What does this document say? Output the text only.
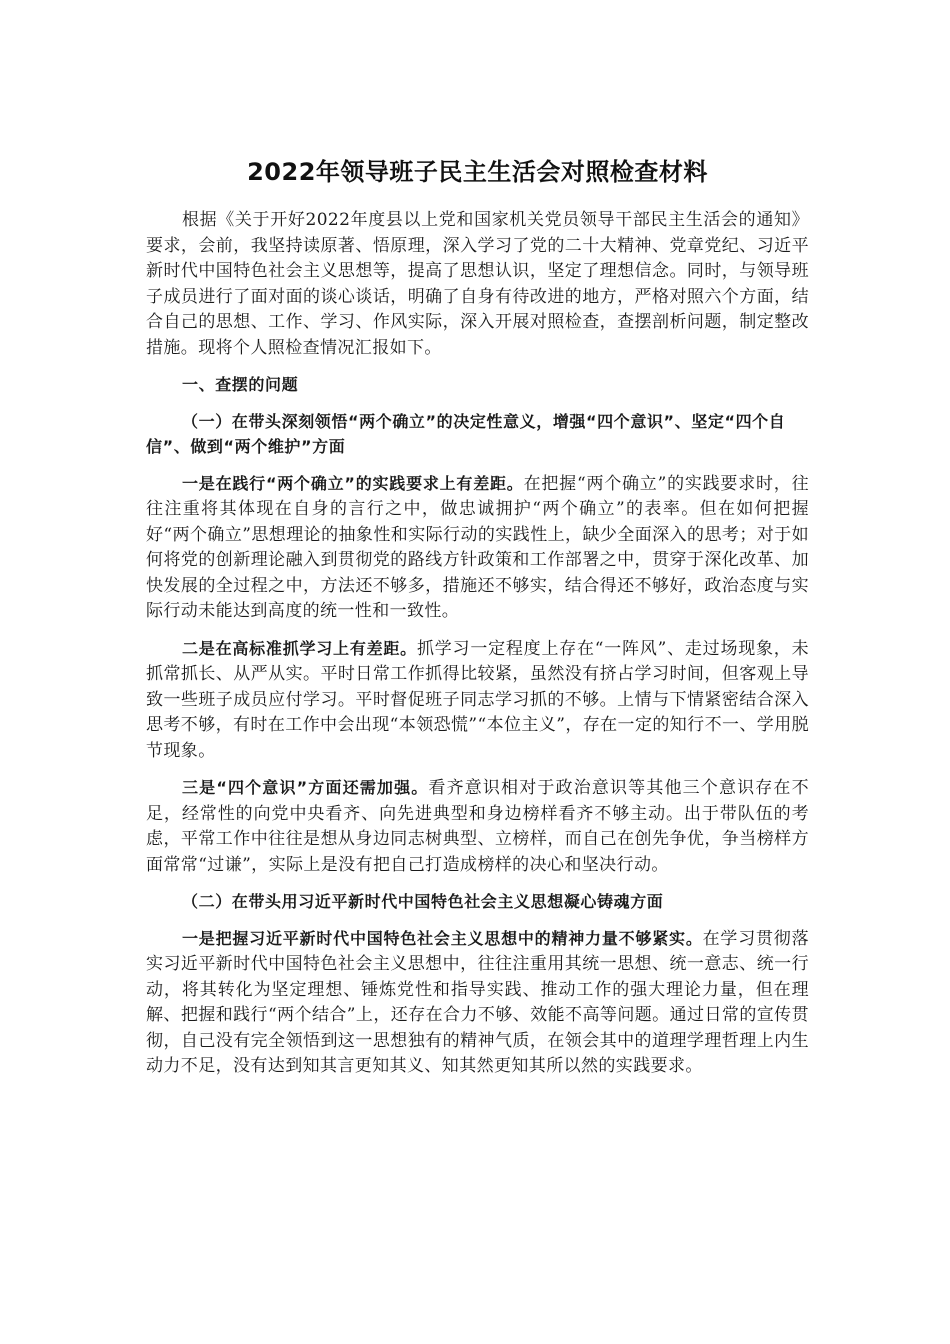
2022年领导班子民主生活会对照检查材料

根据《关于开好2022年度县以上党和国家机关党员领导干部民主生活会的通知》要求，会前，我坚持读原著、悟原理，深入学习了党的二十大精神、党章党纪、习近平新时代中国特色社会主义思想等，提高了思想认识，坚定了理想信念。同时，与领导班子成员进行了面对面的谈心谈话，明确了自身有待改进的地方，严格对照六个方面，结合自己的思想、工作、学习、作风实际，深入开展对照检查，查摆剖析问题，制定整改措施。现将个人照检查情况汇报如下。

一、查摆的问题

（一）在带头深刻领悟“两个确立”的决定性意义，增强“四个意识”、坚定“四个自信”、做到“两个维护”方面

一是在践行“两个确立”的实践要求上有差距。在把握“两个确立”的实践要求时，往往注重将其体现在自身的言行之中，做忠诚拥护“两个确立”的表率。但在如何把握好“两个确立”思想理论的抽象性和实际行动的实践性上，缺少全面深入的思考；对于如何将党的创新理论融入到贯彻党的路线方针政策和工作部署之中，贯穿于深化改革、加快发展的全过程之中，方法还不够多，措施还不够实，结合得还不够好，政治态度与实际行动未能达到高度的统一性和一致性。

二是在高标准抓学习上有差距。抓学习一定程度上存在“一阵风”、走过场现象，未抓常抓长、从严从实。平时日常工作抓得比较紧，虽然没有挤占学习时间，但客观上导致一些班子成员应付学习。平时督促班子同志学习抓的不够。上情与下情紧密结合深入思考不够，有时在工作中会出现“本领恐慌”“本位主义”，存在一定的知行不一、学用脱节现象。

三是“四个意识”方面还需加强。看齐意识相对于政治意识等其他三个意识存在不足，经常性的向党中央看齐、向先进典型和身边榜样看齐不够主动。出于带队伍的考虑，平常工作中往往是想从身边同志树典型、立榜样，而自己在创先争优，争当榜样方面常常“过谦”，实际上是没有把自己打造成榜样的决心和坚决行动。

（二）在带头用习近平新时代中国特色社会主义思想凝心铸魂方面

一是把握习近平新时代中国特色社会主义思想中的精神力量不够紧实。在学习贯彻落实习近平新时代中国特色社会主义思想中，往往注重用其统一思想、统一意志、统一行动，将其转化为坚定理想、锤炼党性和指导实践、推动工作的强大理论力量，但在理解、把握和践行“两个结合”上，还存在合力不够、效能不高等问题。通过日常的宣传贯彻，自己没有完全领悟到这一思想独有的精神气质，在领会其中的道理学理哲理上内生动力不足，没有达到知其言更知其义、知其然更知其所以然的实践要求。
